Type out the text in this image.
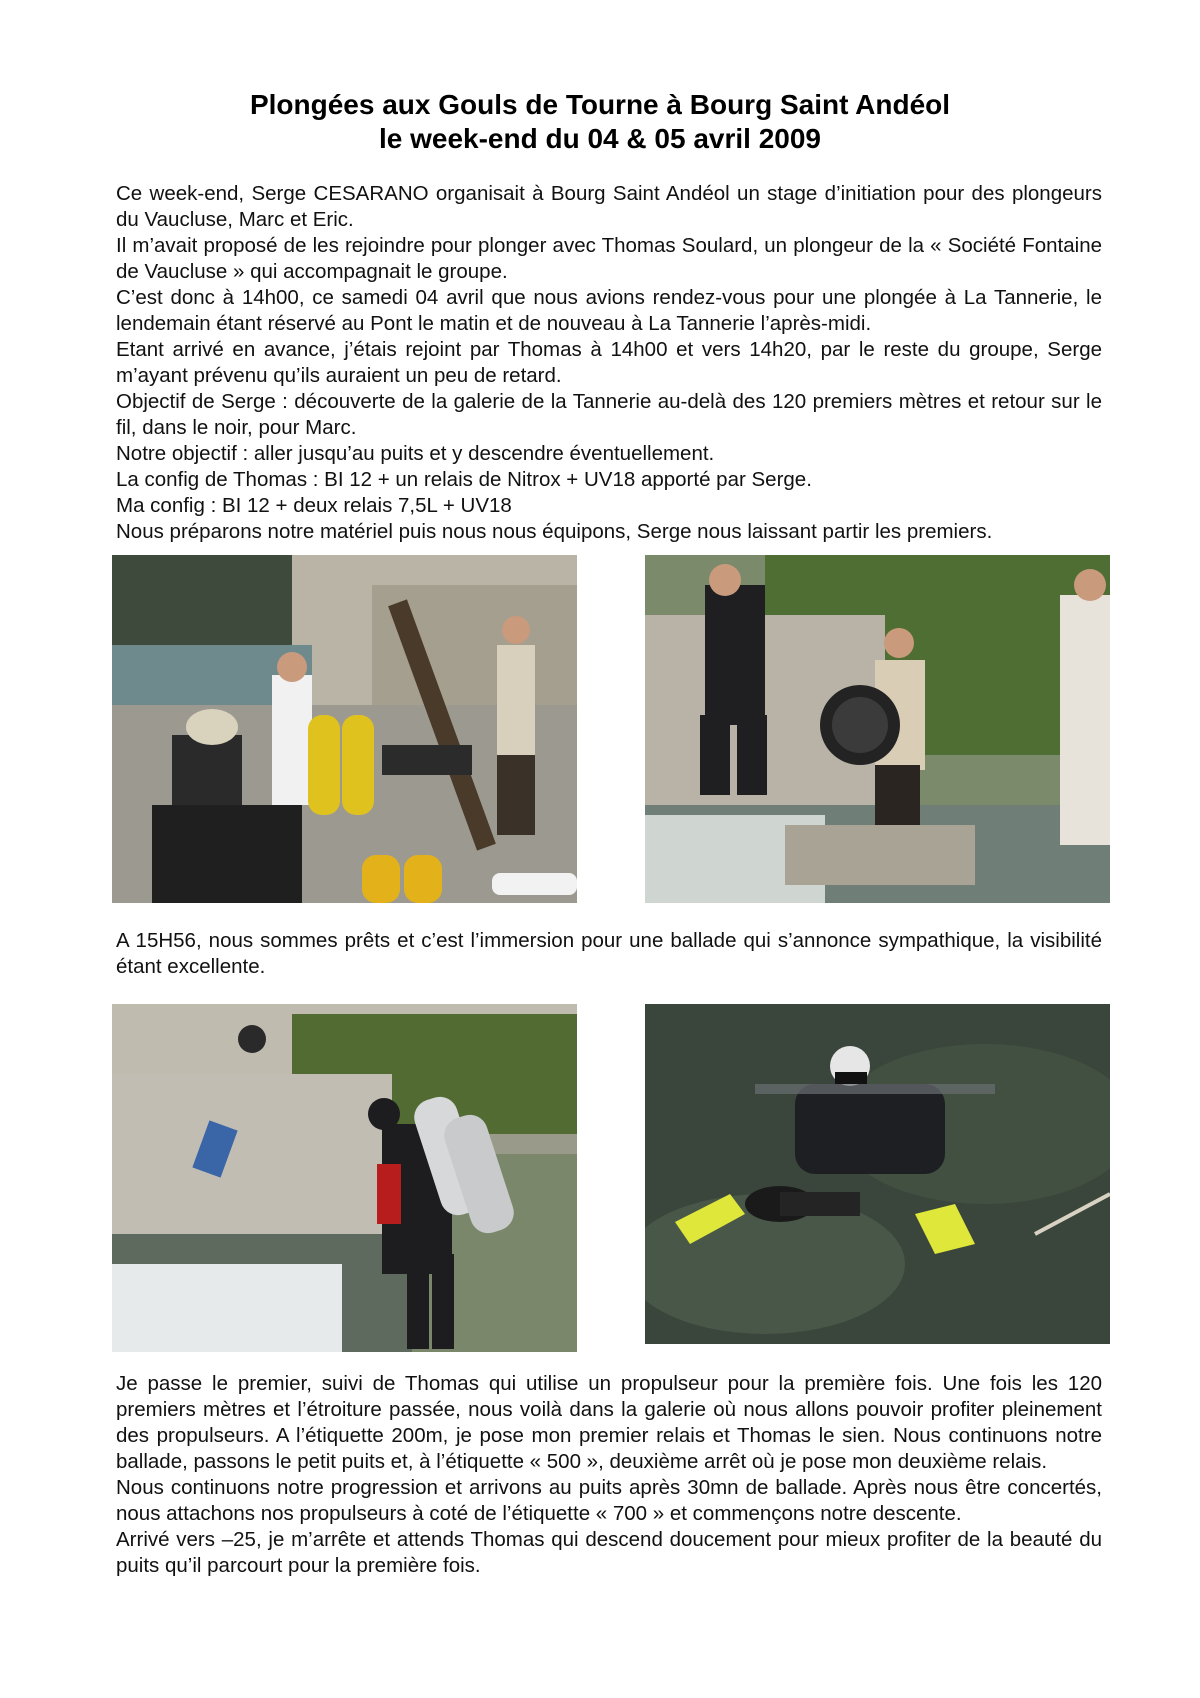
Plongées aux Gouls de Tourne à Bourg Saint Andéol
le week-end du 04 & 05 avril 2009

Ce week-end, Serge CESARANO organisait à Bourg Saint Andéol un stage d’initiation pour des plongeurs du Vaucluse, Marc et Eric.

Il m’avait proposé de les rejoindre pour plonger avec Thomas Soulard, un plongeur de la « Société Fontaine de Vaucluse » qui accompagnait le groupe.

C’est donc à 14h00, ce samedi 04 avril que nous avions rendez-vous pour une plongée à La Tannerie, le lendemain étant réservé au Pont le matin et de nouveau à La Tannerie l’après-midi.

Etant arrivé en avance, j’étais rejoint par Thomas à 14h00 et vers 14h20, par le reste du groupe, Serge m’ayant prévenu qu’ils auraient un peu de retard.

Objectif de Serge : découverte de la galerie de la Tannerie au-delà des 120 premiers mètres et retour sur le fil, dans le noir, pour Marc.

Notre objectif : aller jusqu’au puits et y descendre éventuellement.

La config de Thomas : BI 12 + un relais de Nitrox + UV18 apporté par Serge.

Ma config : BI 12 + deux relais 7,5L + UV18

Nous préparons notre matériel puis nous nous équipons, Serge nous laissant partir les premiers.

A 15H56, nous sommes prêts et c’est l’immersion pour une ballade qui s’annonce sympathique, la visibilité étant excellente.

Je passe le premier, suivi de Thomas qui utilise un propulseur pour la première fois. Une fois les 120 premiers mètres et l’étroiture passée, nous voilà dans la galerie où nous allons pouvoir profiter pleinement des propulseurs. A l’étiquette 200m, je pose mon premier relais et Thomas le sien. Nous continuons notre ballade, passons le petit puits et, à l’étiquette « 500 », deuxième arrêt où je pose mon deuxième relais.

Nous continuons notre progression et arrivons au puits après 30mn de ballade. Après nous être concertés, nous attachons nos propulseurs à coté de l’étiquette « 700 » et commençons notre descente.

Arrivé vers –25, je m’arrête et attends Thomas qui descend doucement pour mieux profiter de la beauté du puits qu’il parcourt pour la première fois.
